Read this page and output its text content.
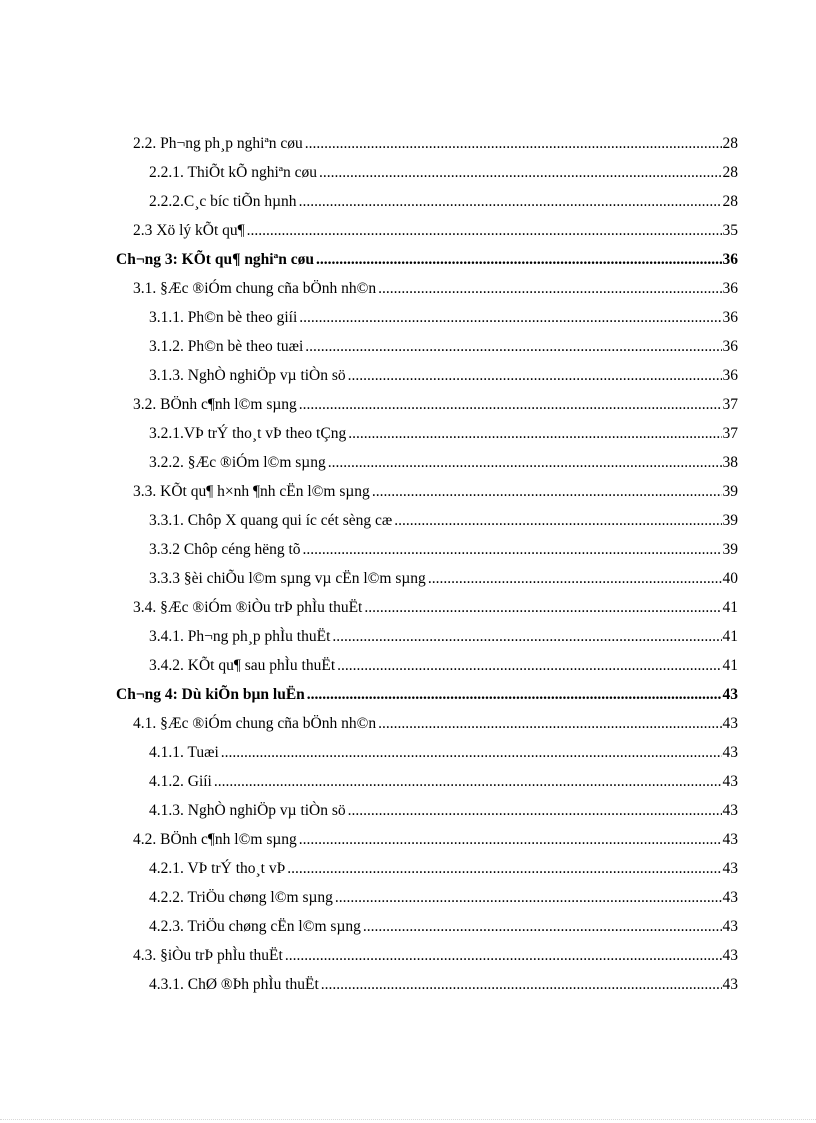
2.2. Ph¬ng ph¸p nghiªn cøu .....	28
2.2.1. ThiÕt kÕ nghiªn cøu .....	28
2.2.2.C¸c bíc tiÕn hµnh .....	28
2.3 Xö lý kÕt qu¶ .....	35
Ch¬ng 3: KÕt qu¶ nghiªn cøu .....	36
3.1. §Æc ®iÓm chung cña bÖnh nh©n .....	36
3.1.1. Ph©n bè theo giíi .....	36
3.1.2. Ph©n bè theo tuæi .....	36
3.1.3. NghÒ nghiÖp vµ tiÒn sö .....	36
3.2. BÖnh c¶nh l©m sµng .....	37
3.2.1.VÞ trÝ tho¸t vÞ theo tÇng .....	37
3.2.2. §Æc ®iÓm l©m sµng .....	38
3.3. KÕt qu¶ h×nh ¶nh cËn l©m sµng .....	39
3.3.1. Chôp X quang qui íc cét sèng cæ .....	39
3.3.2 Chôp céng hëng tõ .....	39
3.3.3 §èi chiÕu l©m sµng vµ cËn l©m sµng .....	40
3.4. §Æc ®iÓm ®iÒu trÞ phÌu thuËt .....	41
3.4.1. Ph¬ng ph¸p phÌu thuËt .....	41
3.4.2. KÕt qu¶ sau phÌu thuËt .....	41
Ch¬ng 4: Dù kiÕn bµn luËn .....	43
4.1. §Æc ®iÓm chung cña bÖnh nh©n .....	43
4.1.1. Tuæi .....	43
4.1.2. Giíi .....	43
4.1.3. NghÒ nghiÖp vµ tiÒn sö .....	43
4.2. BÖnh c¶nh l©m sµng .....	43
4.2.1. VÞ trÝ tho¸t vÞ .....	43
4.2.2. TriÖu chøng l©m sµng .....	43
4.2.3. TriÖu chøng cËn l©m sµng .....	43
4.3. §iÒu trÞ phÌu thuËt .....	43
4.3.1. ChØ ®Þh phÌu thuËt .....	43
